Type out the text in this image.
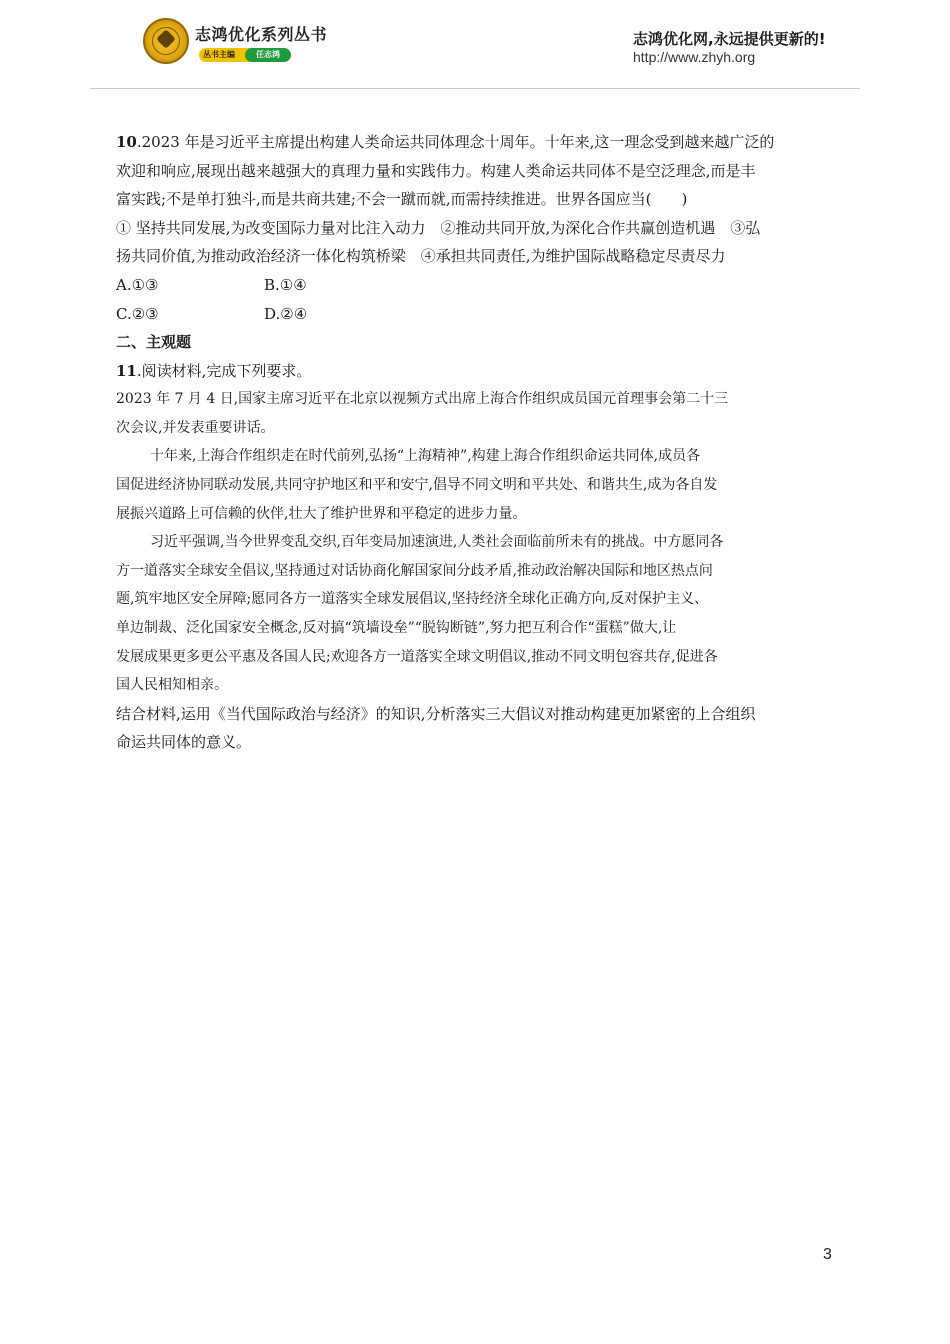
志鸿优化系列丛书
丛书主编	任志鸿
志鸿优化网,永远提供更新的!
http://www.zhyh.org
10.2023 年是习近平主席提出构建人类命运共同体理念十周年。十年来,这一理念受到越来越广泛的
欢迎和响应,展现出越来越强大的真理力量和实践伟力。构建人类命运共同体不是空泛理念,而是丰
富实践;不是单打独斗,而是共商共建;不会一蹴而就,而需持续推进。世界各国应当(　　)
① 坚持共同发展,为改变国际力量对比注入动力　②推动共同开放,为深化合作共赢创造机遇　③弘
扬共同价值,为推动政治经济一体化构筑桥梁　④承担共同责任,为维护国际战略稳定尽责尽力
A.①③	B.①④
C.②③	D.②④
二、主观题
11.阅读材料,完成下列要求。
2023 年 7 月 4 日,国家主席习近平在北京以视频方式出席上海合作组织成员国元首理事会第二十三
次会议,并发表重要讲话。
十年来,上海合作组织走在时代前列,弘扬“上海精神”,构建上海合作组织命运共同体,成员各
国促进经济协同联动发展,共同守护地区和平和安宁,倡导不同文明和平共处、和谐共生,成为各自发
展振兴道路上可信赖的伙伴,壮大了维护世界和平稳定的进步力量。
习近平强调,当今世界变乱交织,百年变局加速演进,人类社会面临前所未有的挑战。中方愿同各
方一道落实全球安全倡议,坚持通过对话协商化解国家间分歧矛盾,推动政治解决国际和地区热点问
题,筑牢地区安全屏障;愿同各方一道落实全球发展倡议,坚持经济全球化正确方向,反对保护主义、
单边制裁、泛化国家安全概念,反对搞“筑墙设垒”“脱钩断链”,努力把互利合作“蛋糕”做大,让
发展成果更多更公平惠及各国人民;欢迎各方一道落实全球文明倡议,推动不同文明包容共存,促进各
国人民相知相亲。
结合材料,运用《当代国际政治与经济》的知识,分析落实三大倡议对推动构建更加紧密的上合组织
命运共同体的意义。
3
